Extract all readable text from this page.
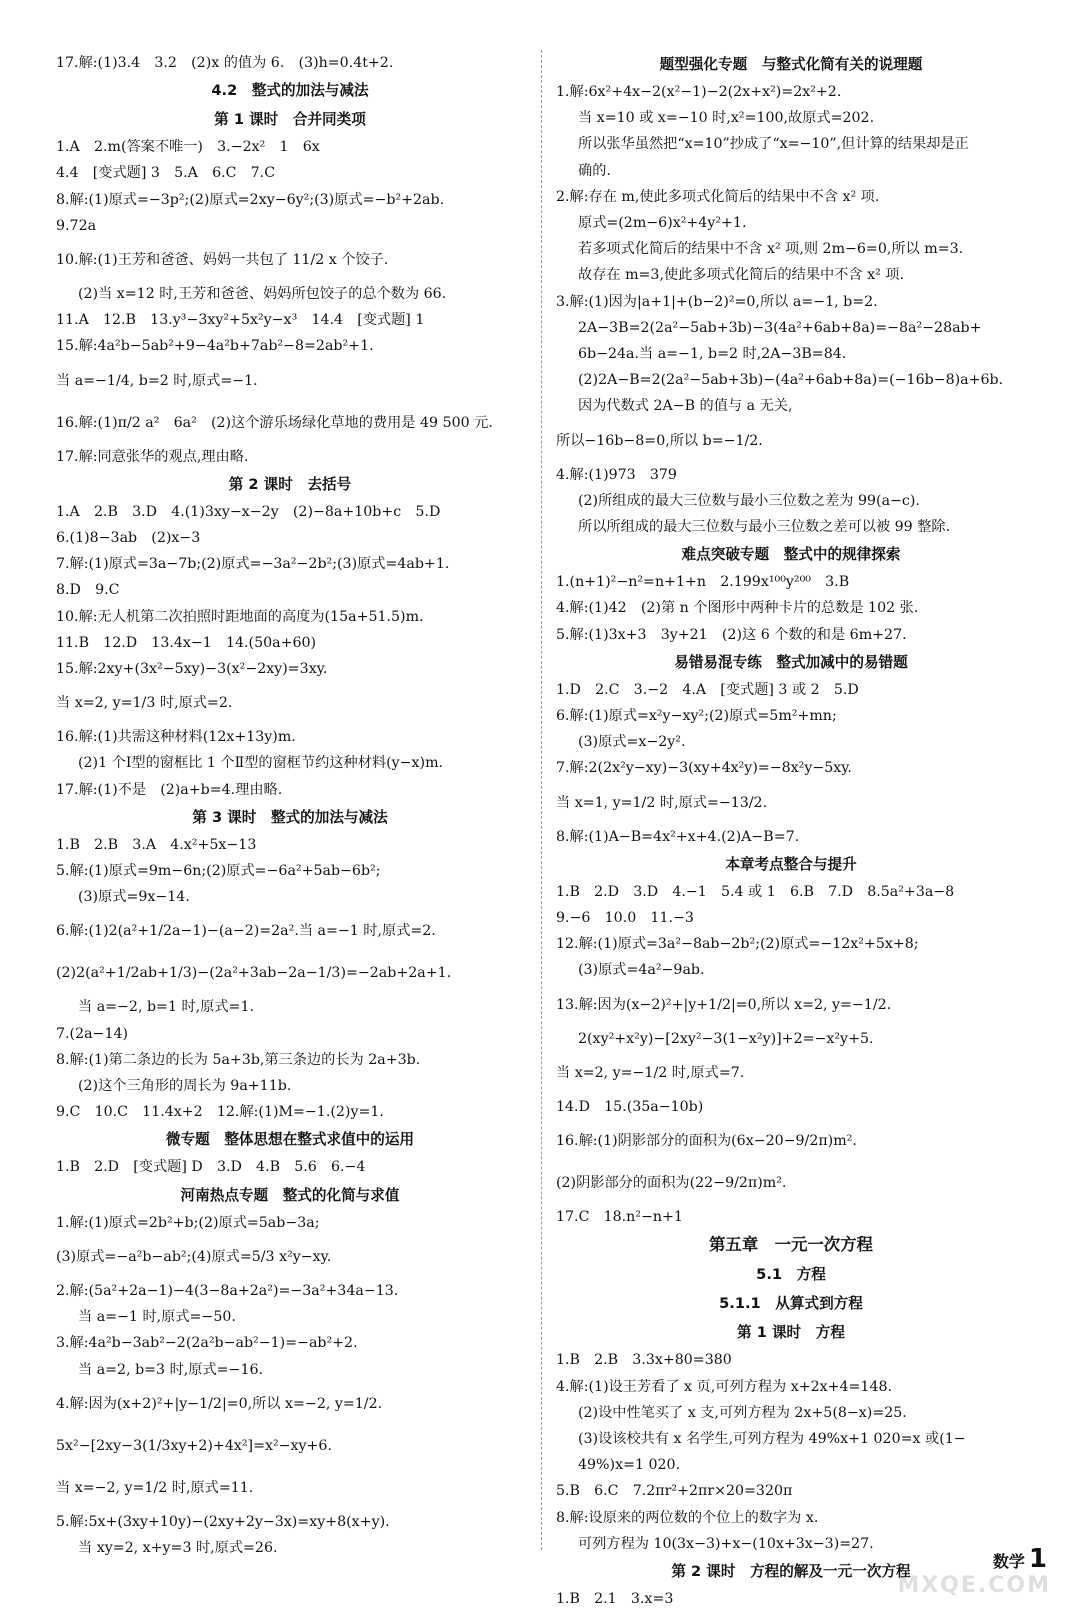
17.解:(1)3.4　3.2　(2)x 的值为 6.　(3)h=0.4t+2.
4.2　整式的加法与减法
第 1 课时　合并同类项
1.A　2.m(答案不唯一)　3.−2x²　1　6x
4.4　[变式题] 3　5.A　6.C　7.C
8.解:(1)原式=−3p²;(2)原式=2xy−6y²;(3)原式=−b²+2ab.
9.72a
10.解:(1)王芳和爸爸、妈妈一共包了 11/2 x 个饺子.
(2)当 x=12 时,王芳和爸爸、妈妈所包饺子的总个数为 66.
11.A　12.B　13.y³−3xy²+5x²y−x³　14.4　[变式题] 1
15.解:4a²b−5ab²+9−4a²b+7ab²−8=2ab²+1.
当 a=−1/4, b=2 时,原式=−1.
16.解:(1)π/2 a²　6a²　(2)这个游乐场绿化草地的费用是 49 500 元.
17.解:同意张华的观点,理由略.
第 2 课时　去括号
1.A　2.B　3.D　4.(1)3xy−x−2y　(2)−8a+10b+c　5.D
6.(1)8−3ab　(2)x−3
7.解:(1)原式=3a−7b;(2)原式=−3a²−2b²;(3)原式=4ab+1.
8.D　9.C
10.解:无人机第二次拍照时距地面的高度为(15a+51.5)m.
11.B　12.D　13.4x−1　14.(50a+60)
15.解:2xy+(3x²−5xy)−3(x²−2xy)=3xy.
当 x=2, y=1/3 时,原式=2.
16.解:(1)共需这种材料(12x+13y)m.
(2)1 个Ⅰ型的窗框比 1 个Ⅱ型的窗框节约这种材料(y−x)m.
17.解:(1)不是　(2)a+b=4.理由略.
第 3 课时　整式的加法与减法
1.B　2.B　3.A　4.x²+5x−13
5.解:(1)原式=9m−6n;(2)原式=−6a²+5ab−6b²;
(3)原式=9x−14.
6.解:(1)2(a²+1/2a−1)−(a−2)=2a².当 a=−1 时,原式=2.
(2)2(a²+1/2ab+1/3)−(2a²+3ab−2a−1/3)=−2ab+2a+1.
当 a=−2, b=1 时,原式=1.
7.(2a−14)
8.解:(1)第二条边的长为 5a+3b,第三条边的长为 2a+3b.
(2)这个三角形的周长为 9a+11b.
9.C　10.C　11.4x+2　12.解:(1)M=−1.(2)y=1.
微专题　整体思想在整式求值中的运用
1.B　2.D　[变式题] D　3.D　4.B　5.6　6.−4
河南热点专题　整式的化简与求值
1.解:(1)原式=2b²+b;(2)原式=5ab−3a;
(3)原式=−a²b−ab²;(4)原式=5/3 x²y−xy.
2.解:(5a²+2a−1)−4(3−8a+2a²)=−3a²+34a−13.
当 a=−1 时,原式=−50.
3.解:4a²b−3ab²−2(2a²b−ab²−1)=−ab²+2.
当 a=2, b=3 时,原式=−16.
4.解:因为(x+2)²+|y−1/2|=0,所以 x=−2, y=1/2.
5x²−[2xy−3(1/3xy+2)+4x²]=x²−xy+6.
当 x=−2, y=1/2 时,原式=11.
5.解:5x+(3xy+10y)−(2xy+2y−3x)=xy+8(x+y).
当 xy=2, x+y=3 时,原式=26.
题型强化专题　与整式化简有关的说理题
1.解:6x²+4x−2(x²−1)−2(2x+x²)=2x²+2.
当 x=10 或 x=−10 时,x²=100,故原式=202.
所以张华虽然把“x=10”抄成了“x=−10”,但计算的结果却是正
确的.
2.解:存在 m,使此多项式化简后的结果中不含 x² 项.
原式=(2m−6)x²+4y²+1.
若多项式化简后的结果中不含 x² 项,则 2m−6=0,所以 m=3.
故存在 m=3,使此多项式化简后的结果中不含 x² 项.
3.解:(1)因为|a+1|+(b−2)²=0,所以 a=−1, b=2.
2A−3B=2(2a²−5ab+3b)−3(4a²+6ab+8a)=−8a²−28ab+
6b−24a.当 a=−1, b=2 时,2A−3B=84.
(2)2A−B=2(2a²−5ab+3b)−(4a²+6ab+8a)=(−16b−8)a+6b.
因为代数式 2A−B 的值与 a 无关,
所以−16b−8=0,所以 b=−1/2.
4.解:(1)973　379
(2)所组成的最大三位数与最小三位数之差为 99(a−c).
所以所组成的最大三位数与最小三位数之差可以被 99 整除.
难点突破专题　整式中的规律探索
1.(n+1)²−n²=n+1+n　2.199x¹⁰⁰y²⁰⁰　3.B
4.解:(1)42　(2)第 n 个图形中两种卡片的总数是 102 张.
5.解:(1)3x+3　3y+21　(2)这 6 个数的和是 6m+27.
易错易混专练　整式加减中的易错题
1.D　2.C　3.−2　4.A　[变式题] 3 或 2　5.D
6.解:(1)原式=x²y−xy²;(2)原式=5m²+mn;
(3)原式=x−2y².
7.解:2(2x²y−xy)−3(xy+4x²y)=−8x²y−5xy.
当 x=1, y=1/2 时,原式=−13/2.
8.解:(1)A−B=4x²+x+4.(2)A−B=7.
本章考点整合与提升
1.B　2.D　3.D　4.−1　5.4 或 1　6.B　7.D　8.5a²+3a−8
9.−6　10.0　11.−3
12.解:(1)原式=3a²−8ab−2b²;(2)原式=−12x²+5x+8;
(3)原式=4a²−9ab.
13.解:因为(x−2)²+|y+1/2|=0,所以 x=2, y=−1/2.
2(xy²+x²y)−[2xy²−3(1−x²y)]+2=−x²y+5.
当 x=2, y=−1/2 时,原式=7.
14.D　15.(35a−10b)
16.解:(1)阴影部分的面积为(6x−20−9/2π)m².
(2)阴影部分的面积为(22−9/2π)m².
17.C　18.n²−n+1
第五章　一元一次方程
5.1　方程
5.1.1　从算式到方程
第 1 课时　方程
1.B　2.B　3.3x+80=380
4.解:(1)设王芳看了 x 页,可列方程为 x+2x+4=148.
(2)设中性笔买了 x 支,可列方程为 2x+5(8−x)=25.
(3)设该校共有 x 名学生,可列方程为 49%x+1 020=x 或(1−
49%)x=1 020.
5.B　6.C　7.2πr²+2πr×20=320π
8.解:设原来的两位数的个位上的数字为 x.
可列方程为 10(3x−3)+x−(10x+3x−3)=27.
第 2 课时　方程的解及一元一次方程
1.B　2.1　3.x=3
数学 1
MXQE.COM
